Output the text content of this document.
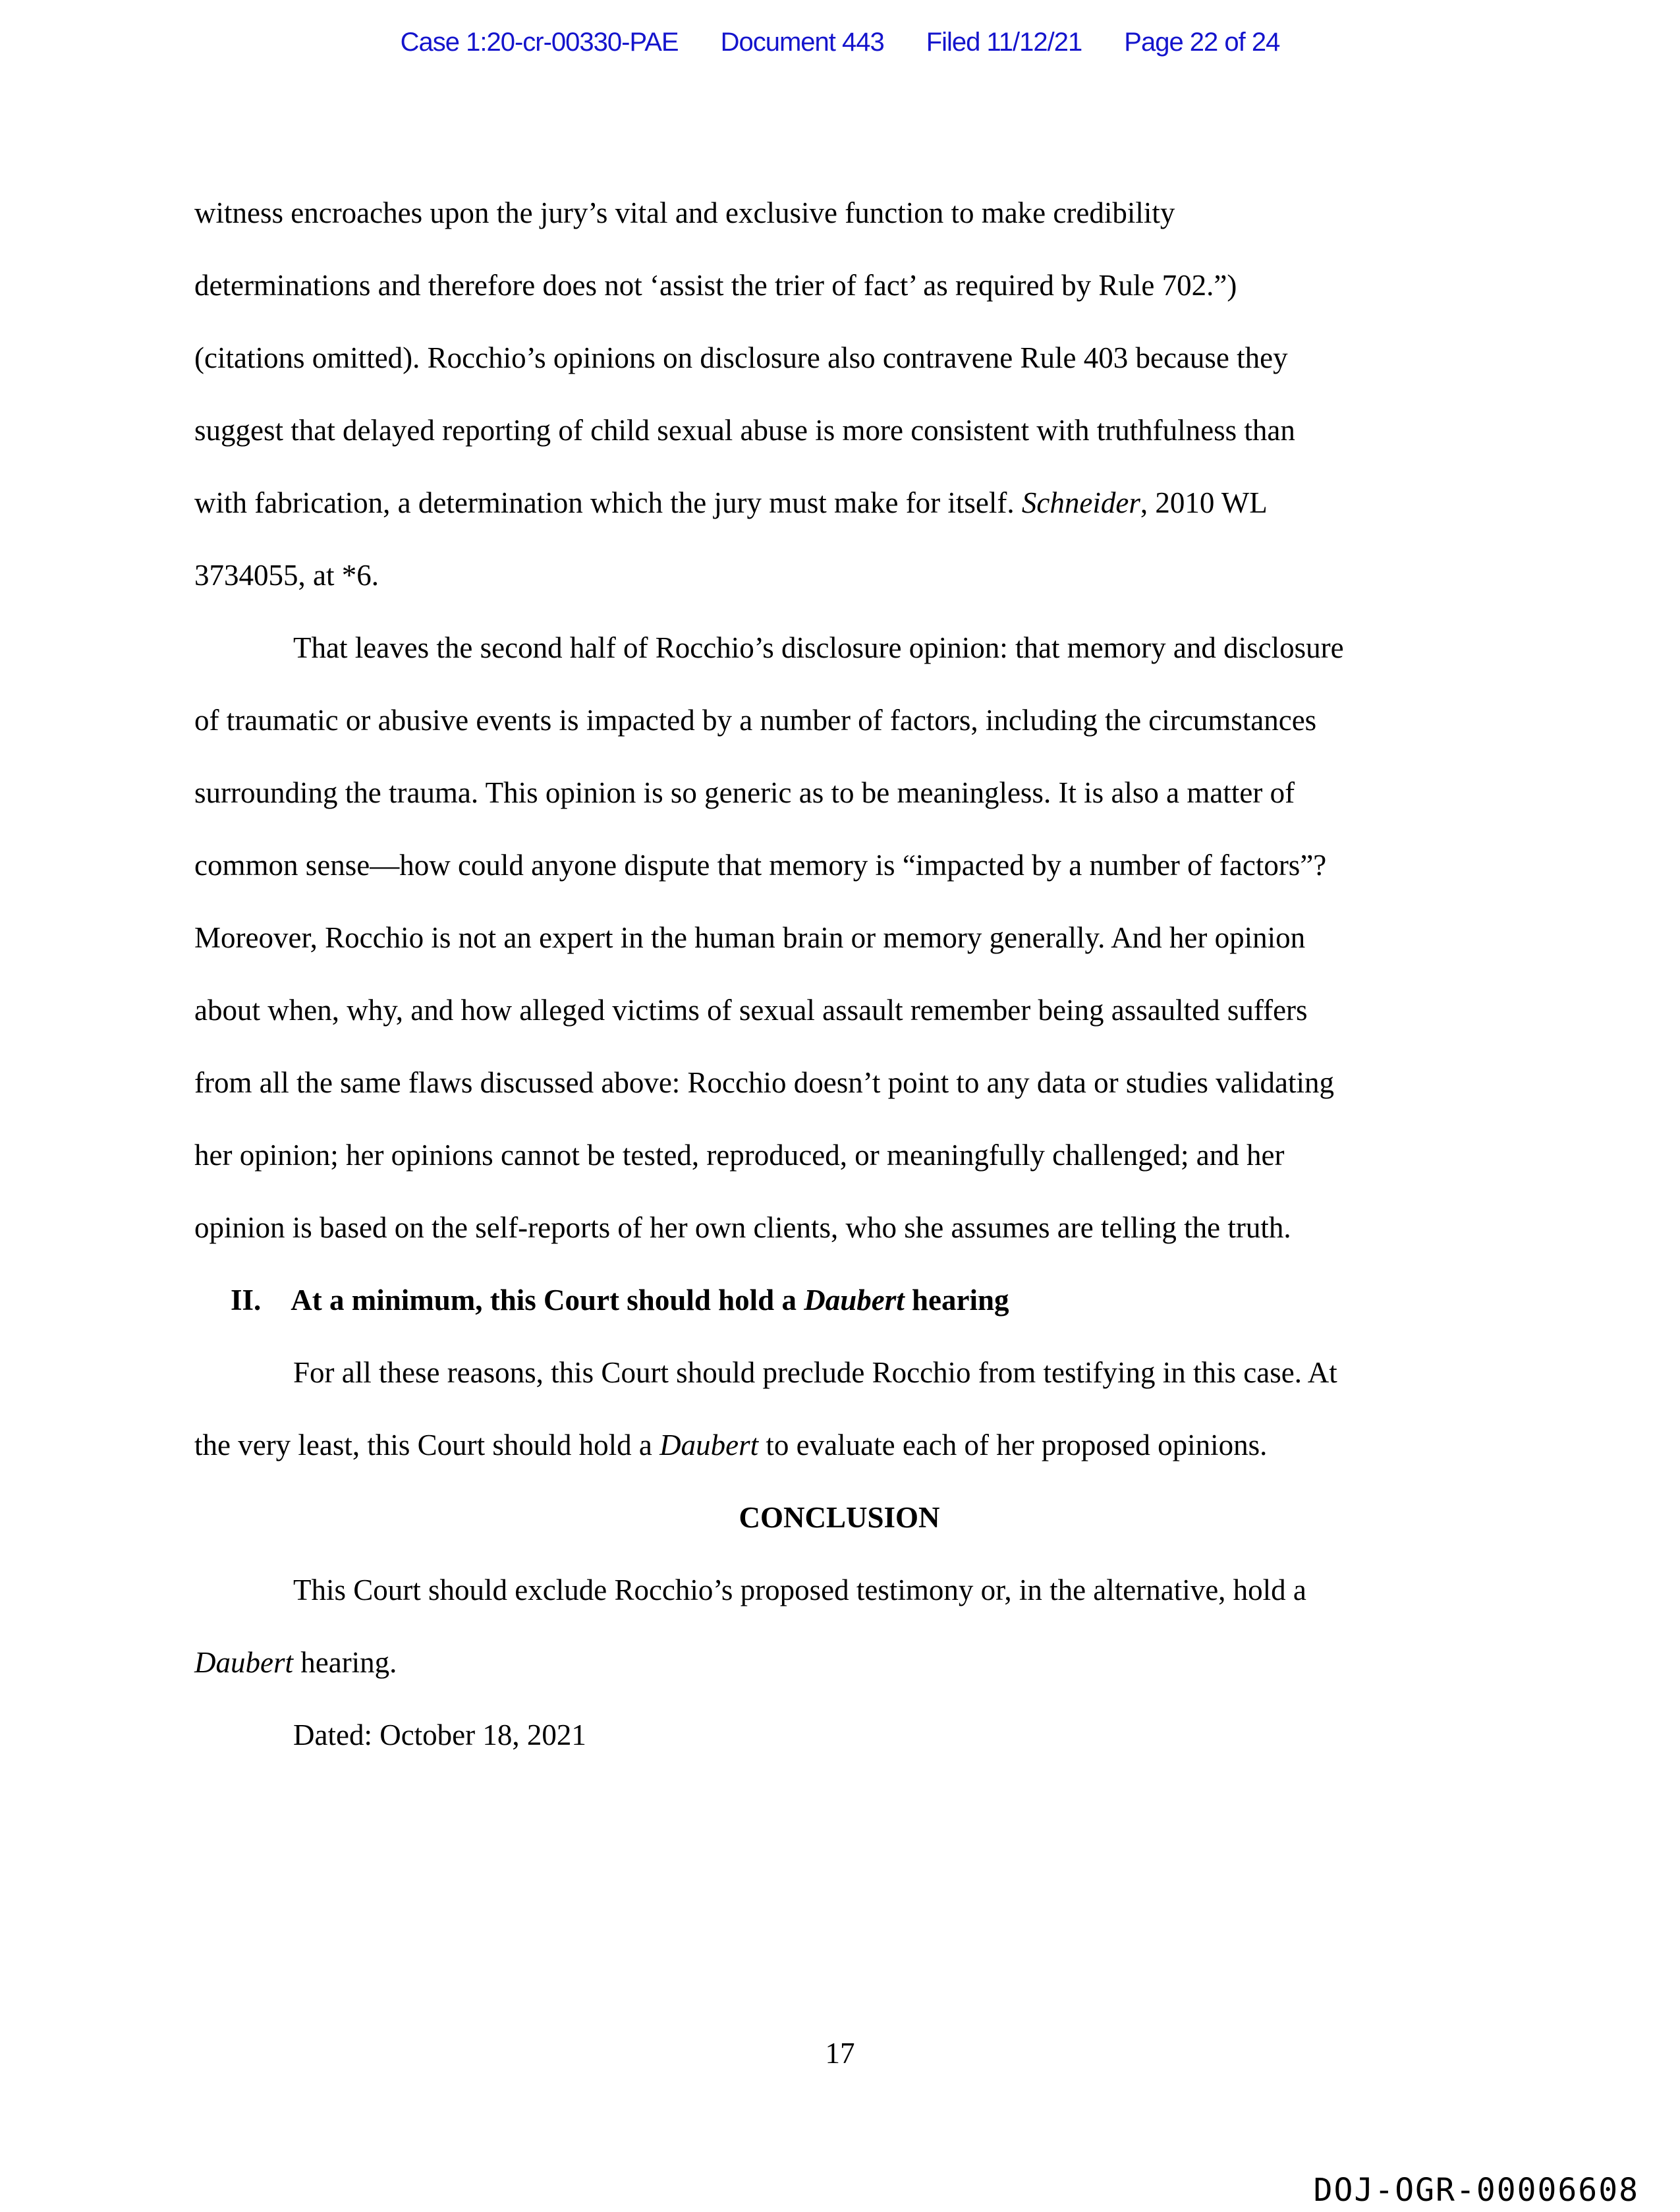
Case 1:20-cr-00330-PAE Document 443 Filed 11/12/21 Page 22 of 24
witness encroaches upon the jury’s vital and exclusive function to make credibility
determinations and therefore does not ‘assist the trier of fact’ as required by Rule 702.”)
(citations omitted). Rocchio’s opinions on disclosure also contravene Rule 403 because they
suggest that delayed reporting of child sexual abuse is more consistent with truthfulness than
with fabrication, a determination which the jury must make for itself. Schneider, 2010 WL
3734055, at *6.
That leaves the second half of Rocchio’s disclosure opinion: that memory and disclosure
of traumatic or abusive events is impacted by a number of factors, including the circumstances
surrounding the trauma. This opinion is so generic as to be meaningless. It is also a matter of
common sense—how could anyone dispute that memory is “impacted by a number of factors”?
Moreover, Rocchio is not an expert in the human brain or memory generally. And her opinion
about when, why, and how alleged victims of sexual assault remember being assaulted suffers
from all the same flaws discussed above: Rocchio doesn’t point to any data or studies validating
her opinion; her opinions cannot be tested, reproduced, or meaningfully challenged; and her
opinion is based on the self-reports of her own clients, who she assumes are telling the truth.
II. At a minimum, this Court should hold a Daubert hearing
For all these reasons, this Court should preclude Rocchio from testifying in this case. At
the very least, this Court should hold a Daubert to evaluate each of her proposed opinions.
CONCLUSION
This Court should exclude Rocchio’s proposed testimony or, in the alternative, hold a
Daubert hearing.
Dated: October 18, 2021
17
DOJ-OGR-00006608
